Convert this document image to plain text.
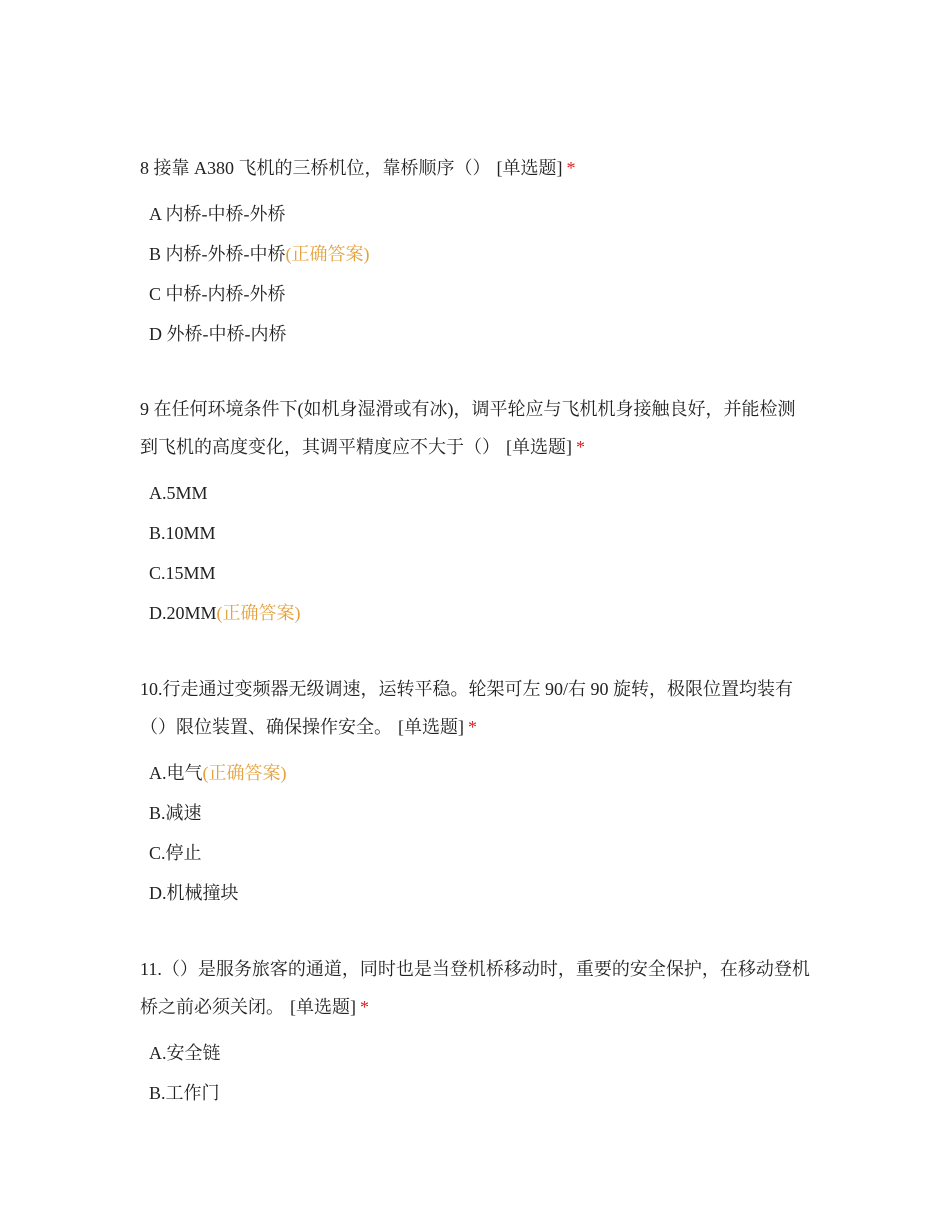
8 接靠 A380 飞机的三桥机位，靠桥顺序（） [单选题] *

A 内桥-中桥-外桥
B 内桥-外桥-中桥(正确答案)
C 中桥-内桥-外桥
D 外桥-中桥-内桥

9 在任何环境条件下(如机身湿滑或有冰)，调平轮应与飞机机身接触良好，并能检测到飞机的高度变化，其调平精度应不大于（） [单选题] *

A.5MM
B.10MM
C.15MM
D.20MM(正确答案)

10.行走通过变频器无级调速，运转平稳。轮架可左 90/右 90 旋转，极限位置均装有（）限位装置、确保操作安全。 [单选题] *

A.电气(正确答案)
B.减速
C.停止
D.机械撞块

11.（）是服务旅客的通道，同时也是当登机桥移动时，重要的安全保护，在移动登机桥之前必须关闭。 [单选题] *

A.安全链
B.工作门
